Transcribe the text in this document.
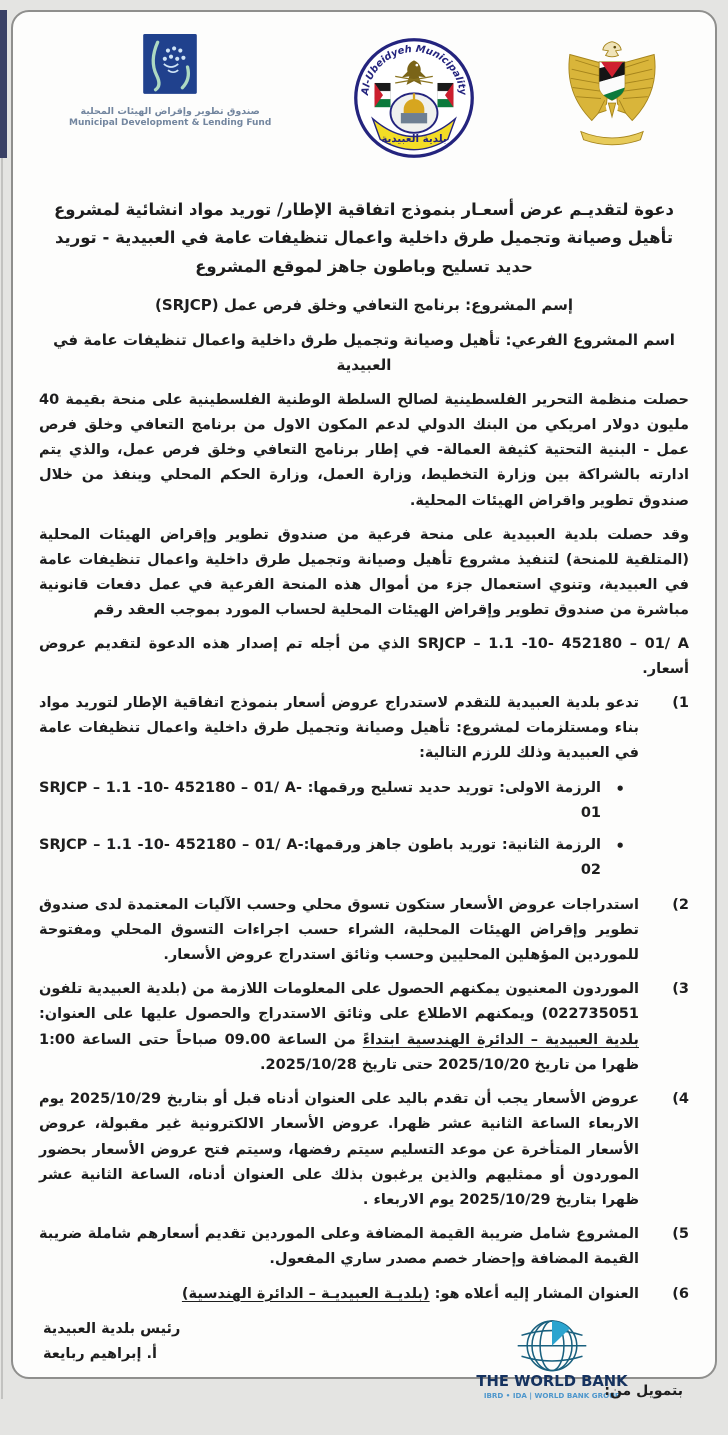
صندوق تطوير وإقراض الهيئات المحلية
Municipal Development & Lending Fund
Al-Ubeidyeh Municipality
بلدية العبيدية
دعوة لتقديـم عرض أسعـار بنموذج اتفاقية الإطار/ توريد مواد انشائية لمشروع تأهيل وصيانة وتجميل طرق داخلية واعمال تنظيفات عامة في العبيدية - توريد حديد تسليح وباطون جاهز لموقع المشروع
إسم المشروع: برنامج التعافي وخلق فرص عمل (SRJCP)
اسم المشروع الفرعي: تأهيل وصيانة وتجميل طرق داخلية واعمال تنظيفات عامة في العبيدية

حصلت منظمة التحرير الفلسطينية لصالح السلطة الوطنية الفلسطينية على منحة بقيمة 40 مليون دولار امريكي من البنك الدولي لدعم المكون الاول من برنامج التعافي وخلق فرص عمل - البنية التحتية كثيفة العمالة- في إطار برنامج التعافي وخلق فرص عمل، والذي يتم ادارته بالشراكة بين وزارة التخطيط، وزارة العمل، وزارة الحكم المحلي وينفذ من خلال صندوق تطوير واقراض الهيئات المحلية.

وقد حصلت بلدية العبيدية على منحة فرعية من صندوق تطوير وإقراض الهيئات المحلية (المتلقية للمنحة) لتنفيذ مشروع تأهيل وصيانة وتجميل طرق داخلية واعمال تنظيفات عامة في العبيدية، وتنوي استعمال جزء من أموال هذه المنحة الفرعية في عمل دفعات قانونية مباشرة من صندوق تطوير وإقراض الهيئات المحلية لحساب المورد بموجب العقد رقم

SRJCP – 1.1 -10- 452180 – 01/ A الذي من أجله تم إصدار هذه الدعوة لتقديم عروض أسعار.

(1
تدعو بلدية العبيدية للتقدم لاستدراج عروض أسعار بنموذج اتفاقية الإطار لتوريد مواد بناء ومستلزمات لمشروع: تأهيل وصيانة وتجميل طرق داخلية واعمال تنظيفات عامة في العبيدية وذلك للرزم التالية:
•
الرزمة الاولى: توريد حديد تسليح ورقمها: SRJCP – 1.1 -10- 452180 – 01/ A-01
•
الرزمة الثانية: توريد باطون جاهز ورقمها:SRJCP – 1.1 -10- 452180 – 01/ A-02
(2
استدراجات عروض الأسعار ستكون تسوق محلي وحسب الآليات المعتمدة لدى صندوق تطوير وإقراض الهيئات المحلية، الشراء حسب اجراءات التسوق المحلي ومفتوحة للموردين المؤهلين المحليين وحسب وثائق استدراج عروض الأسعار.
(3
الموردون المعنيون يمكنهم الحصول على المعلومات اللازمة من (بلدية العبيدية تلفون 022735051) ويمكنهم الاطلاع على وثائق الاستدراج والحصول عليها على العنوان: بلدية العبيدية – الدائرة الهندسية ابتداءً من الساعة 09.00 صباحاً حتى الساعة 1:00 ظهرا من تاريخ 2025/10/20 حتى تاريخ 2025/10/28.
(4
عروض الأسعار يجب أن تقدم باليد على العنوان أدناه قبل أو بتاريخ 2025/10/29 يوم الاربعاء الساعة الثانية عشر ظهرا. عروض الأسعار الالكترونية غير مقبولة، عروض الأسعار المتأخرة عن موعد التسليم سيتم رفضها، وسيتم فتح عروض الأسعار بحضور الموردون أو ممثليهم والذين يرغبون بذلك على العنوان أدناه، الساعة الثانية عشر ظهرا بتاريخ 2025/10/29 يوم الاربعاء .
(5
المشروع شامل ضريبة القيمة المضافة وعلى الموردين تقديم أسعارهم شاملة ضريبة القيمة المضافة وإحضار خصم مصدر ساري المفعول.
(6
العنوان المشار إليه أعلاه هو: (بلديـة العبيديـة – الدائرة الهندسية)
رئيس بلدية العبيدية
أ. إبراهيم ربايعة
THE WORLD BANK
IBRD • IDA | WORLD BANK GROUP
بتمويل من:
